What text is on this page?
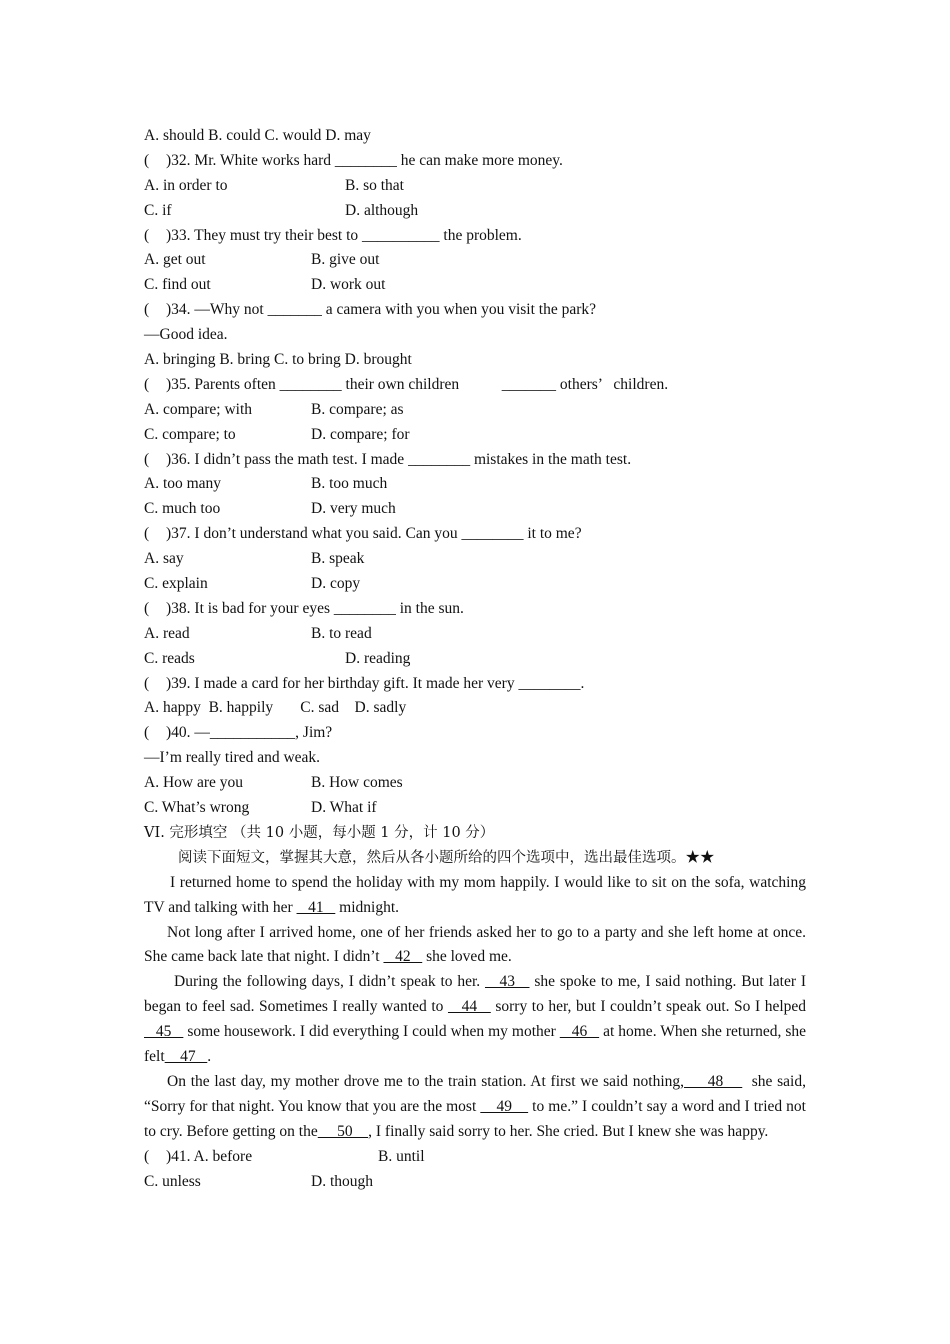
A. should B. could C. would D. may
( )32. Mr. White works hard ________ he can make more money.
A. in order to	B. so that
C. if	D. although
( )33. They must try their best to __________ the problem.
A. get out	B. give out
C. find out	D. work out
( )34. —Why not _______ a camera with you when you visit the park?
—Good idea.
A. bringing B. bring C. to bring D. brought
( )35. Parents often ________ their own children           _______ others’   children.
A. compare; with	B. compare; as
C. compare; to	D. compare; for
( )36. I didn’t pass the math test. I made ________ mistakes in the math test.
A. too many	B. too much
C. much too	D. very much
( )37. I don’t understand what you said. Can you ________ it to me?
A. say	B. speak
C. explain	D. copy
( )38. It is bad for your eyes ________ in the sun.
A. read	B. to read
C. reads	D. reading
( )39. I made a card for her birthday gift. It made her very ________.
A. happy  B. happily       C. sad    D. sadly
( )40. —___________, Jim?
—I’m really tired and weak.
A. How are you	B. How comes
C. What’s wrong	D. What if
VI. 完形填空 （共 10 小题，每小题 1 分，计 10 分）
阅读下面短文，掌握其大意，然后从各小题所给的四个选项中，选出最佳选项。★★
I returned home to spend the holiday with my mom happily. I would like to sit on the sofa, watching TV and talking with her    41    midnight.
Not long after I arrived home, one of her friends asked her to go to a party and she left home at once. She came back late that night. I didn’t    42    she loved me.
During the following days, I didn’t speak to her.    43    she spoke to me, I said nothing. But later I began to feel sad. Sometimes I really wanted to    44    sorry to her, but I couldn’t speak out. So I helped    45    some housework. I did everything I could when my mother    46    at home. When she returned, she felt    47   .
On the last day, my mother drove me to the train station. At first we said nothing,     48      she said, “Sorry for that night. You know that you are the most     49     to me.” I couldn’t say a word and I tried not to cry. Before getting on the     50    , I finally said sorry to her. She cried. But I knew she was happy.
( )41. A. before	B. until
C. unless	D. though
